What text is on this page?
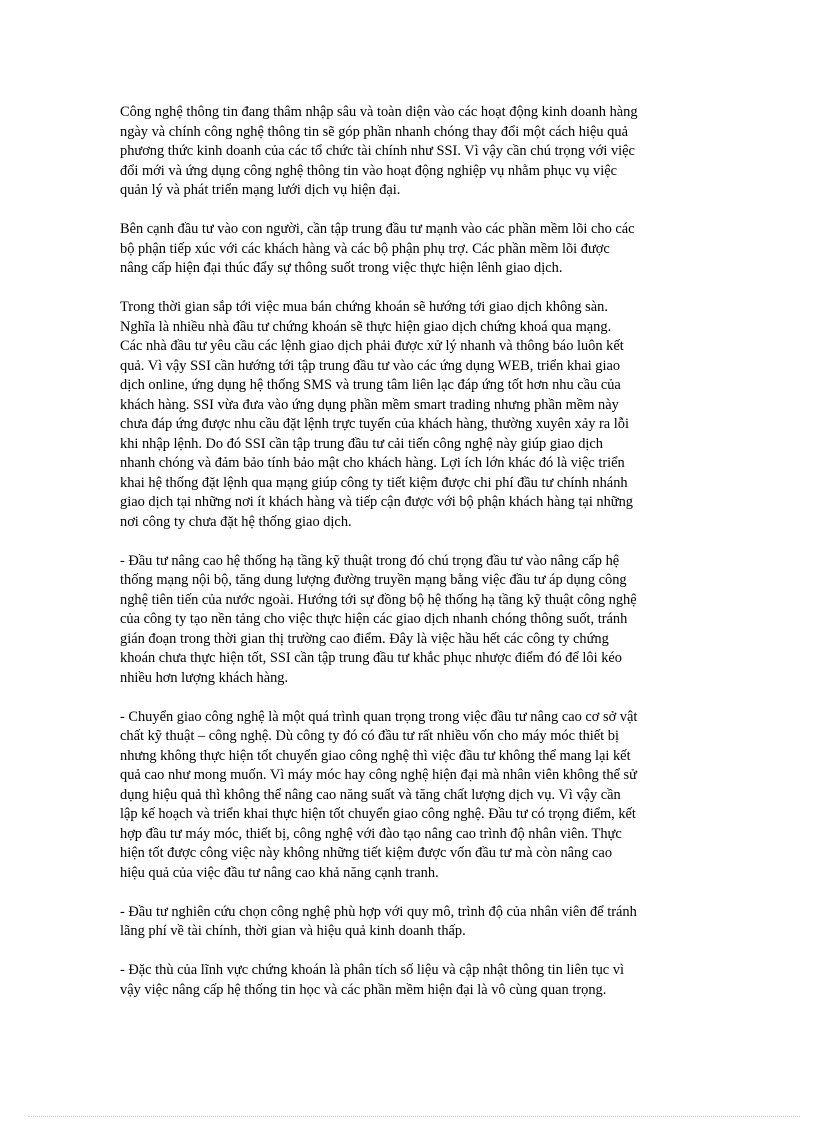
Công nghệ thông tin đang thâm nhập sâu và toàn diện vào các hoạt động kinh doanh hàng
ngày và chính công nghệ thông tin sẽ góp phần nhanh chóng thay đổi một cách hiệu quả
phương thức kinh doanh của các tổ chức tài chính như SSI. Vì vậy cần chú trọng với việc
đổi mới và ứng dụng công nghệ thông tin vào hoạt động nghiệp vụ nhằm phục vụ việc
quản lý và phát triển mạng lưới dịch vụ hiện đại.

Bên cạnh đầu tư vào con người, cần tập trung đầu tư mạnh vào các phần mềm lõi cho các
bộ phận tiếp xúc với các khách hàng và các bộ phận phụ trợ. Các phần mềm lõi được
nâng cấp hiện đại thúc đẩy sự thông suốt trong việc thực hiện lênh giao dịch.

Trong thời gian sắp tới việc mua bán chứng khoán sẽ hướng tới giao dịch không sàn.
Nghĩa là nhiều nhà đầu tư chứng khoán sẽ thực hiện giao dịch chứng khoá qua mạng.
Các nhà đầu tư yêu cầu các lệnh giao dịch phải được xử lý nhanh và thông báo luôn kết
quả. Vì vậy SSI cần hướng tới tập trung đầu tư vào các ứng dụng WEB, triển khai giao
dịch online, ứng dụng hệ thống SMS và trung tâm liên lạc đáp ứng tốt hơn nhu cầu của
khách hàng. SSI vừa đưa vào ứng dụng phần mềm smart trading nhưng phần mềm này
chưa đáp ứng được nhu cầu đặt lệnh trực tuyến của khách hàng, thường xuyên xảy ra lỗi
khi nhập lệnh. Do đó SSI cần tập trung đầu tư cải tiến công nghệ này giúp giao dịch
nhanh chóng và đảm bảo tính bảo mật cho khách hàng. Lợi ích lớn khác đó là việc triển
khai hệ thống đặt lệnh qua mạng giúp công ty tiết kiệm được chi phí đầu tư chính nhánh
giao dịch tại những nơi ít khách hàng và tiếp cận được với bộ phận khách hàng tại những
nơi công ty chưa đặt hệ thống giao dịch.

- Đầu tư nâng cao hệ thống hạ tầng kỹ thuật trong đó chú trọng đầu tư vào nâng cấp hệ
thống mạng nội bộ, tăng dung lượng đường truyền mạng bằng việc đầu tư áp dụng công
nghệ tiên tiến của nước ngoài. Hướng tới sự đồng bộ hệ thống hạ tầng kỹ thuật công nghệ
của công ty tạo nền tảng cho việc thực hiện các giao dịch nhanh chóng thông suốt, tránh
gián đoạn trong thời gian thị trường cao điểm. Đây là việc hầu hết các công ty chứng
khoán chưa thực hiện tốt, SSI cần tập trung đầu tư khắc phục nhược điểm đó để lôi kéo
nhiều hơn lượng khách hàng.

- Chuyển giao công nghệ là một quá trình quan trọng trong việc đầu tư nâng cao cơ sở vật
chất kỹ thuật – công nghệ. Dù công ty đó có đầu tư rất nhiều vốn cho máy móc thiết bị
nhưng không thực hiện tốt chuyển giao công nghệ thì việc đầu tư không thể mang lại kết
quả cao như mong muốn. Vì máy móc hay công nghệ hiện đại mà nhân viên không thể sử
dụng hiệu quả thì không thể nâng cao năng suất và tăng chất lượng dịch vụ. Vì vậy cần
lập kế hoạch và triển khai thực hiện tốt chuyển giao công nghệ. Đầu tư có trọng điểm, kết
hợp đầu tư máy móc, thiết bị, công nghệ với đào tạo nâng cao trình độ nhân viên. Thực
hiện tốt được công việc này không những tiết kiệm được vốn đầu tư mà còn nâng cao
hiệu quả của việc đầu tư nâng cao khả năng cạnh tranh.

- Đầu tư nghiên cứu chọn công nghệ phù hợp với quy mô, trình độ của nhân viên để tránh
lãng phí về tài chính, thời gian và hiệu quả kinh doanh thấp.

- Đặc thù của lĩnh vực chứng khoán là phân tích số liệu và cập nhật thông tin liên tục vì
vậy việc nâng cấp hệ thống tin học và các phần mềm hiện đại là vô cùng quan trọng.
